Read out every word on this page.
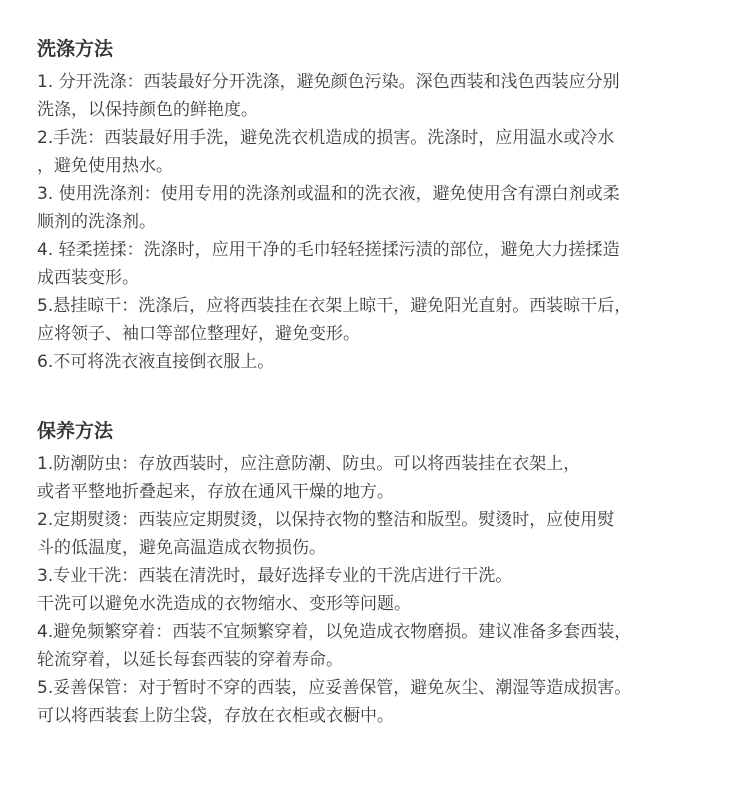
洗涤方法
1. 分开洗涤：西装最好分开洗涤，避免颜色污染。深色西装和浅色西装应分别
洗涤，以保持颜色的鲜艳度。
2.手洗：西装最好用手洗，避免洗衣机造成的损害。洗涤时，应用温水或冷水
，避免使用热水。
3. 使用洗涤剂：使用专用的洗涤剂或温和的洗衣液，避免使用含有漂白剂或柔
顺剂的洗涤剂。
4. 轻柔搓揉：洗涤时，应用干净的毛巾轻轻搓揉污渍的部位，避免大力搓揉造
成西装变形。
5.悬挂晾干：洗涤后，应将西装挂在衣架上晾干，避免阳光直射。西装晾干后，
应将领子、袖口等部位整理好，避免变形。
6.不可将洗衣液直接倒衣服上。
保养方法
1.防潮防虫：存放西装时，应注意防潮、防虫。可以将西装挂在衣架上，
或者平整地折叠起来，存放在通风干燥的地方。
2.定期熨烫：西装应定期熨烫，以保持衣物的整洁和版型。熨烫时，应使用熨
斗的低温度，避免高温造成衣物损伤。
3.专业干洗：西装在清洗时，最好选择专业的干洗店进行干洗。
干洗可以避免水洗造成的衣物缩水、变形等问题。
4.避免频繁穿着：西装不宜频繁穿着，以免造成衣物磨损。建议准备多套西装，
轮流穿着，以延长每套西装的穿着寿命。
5.妥善保管：对于暂时不穿的西装，应妥善保管，避免灰尘、潮湿等造成损害。
可以将西装套上防尘袋，存放在衣柜或衣橱中。
